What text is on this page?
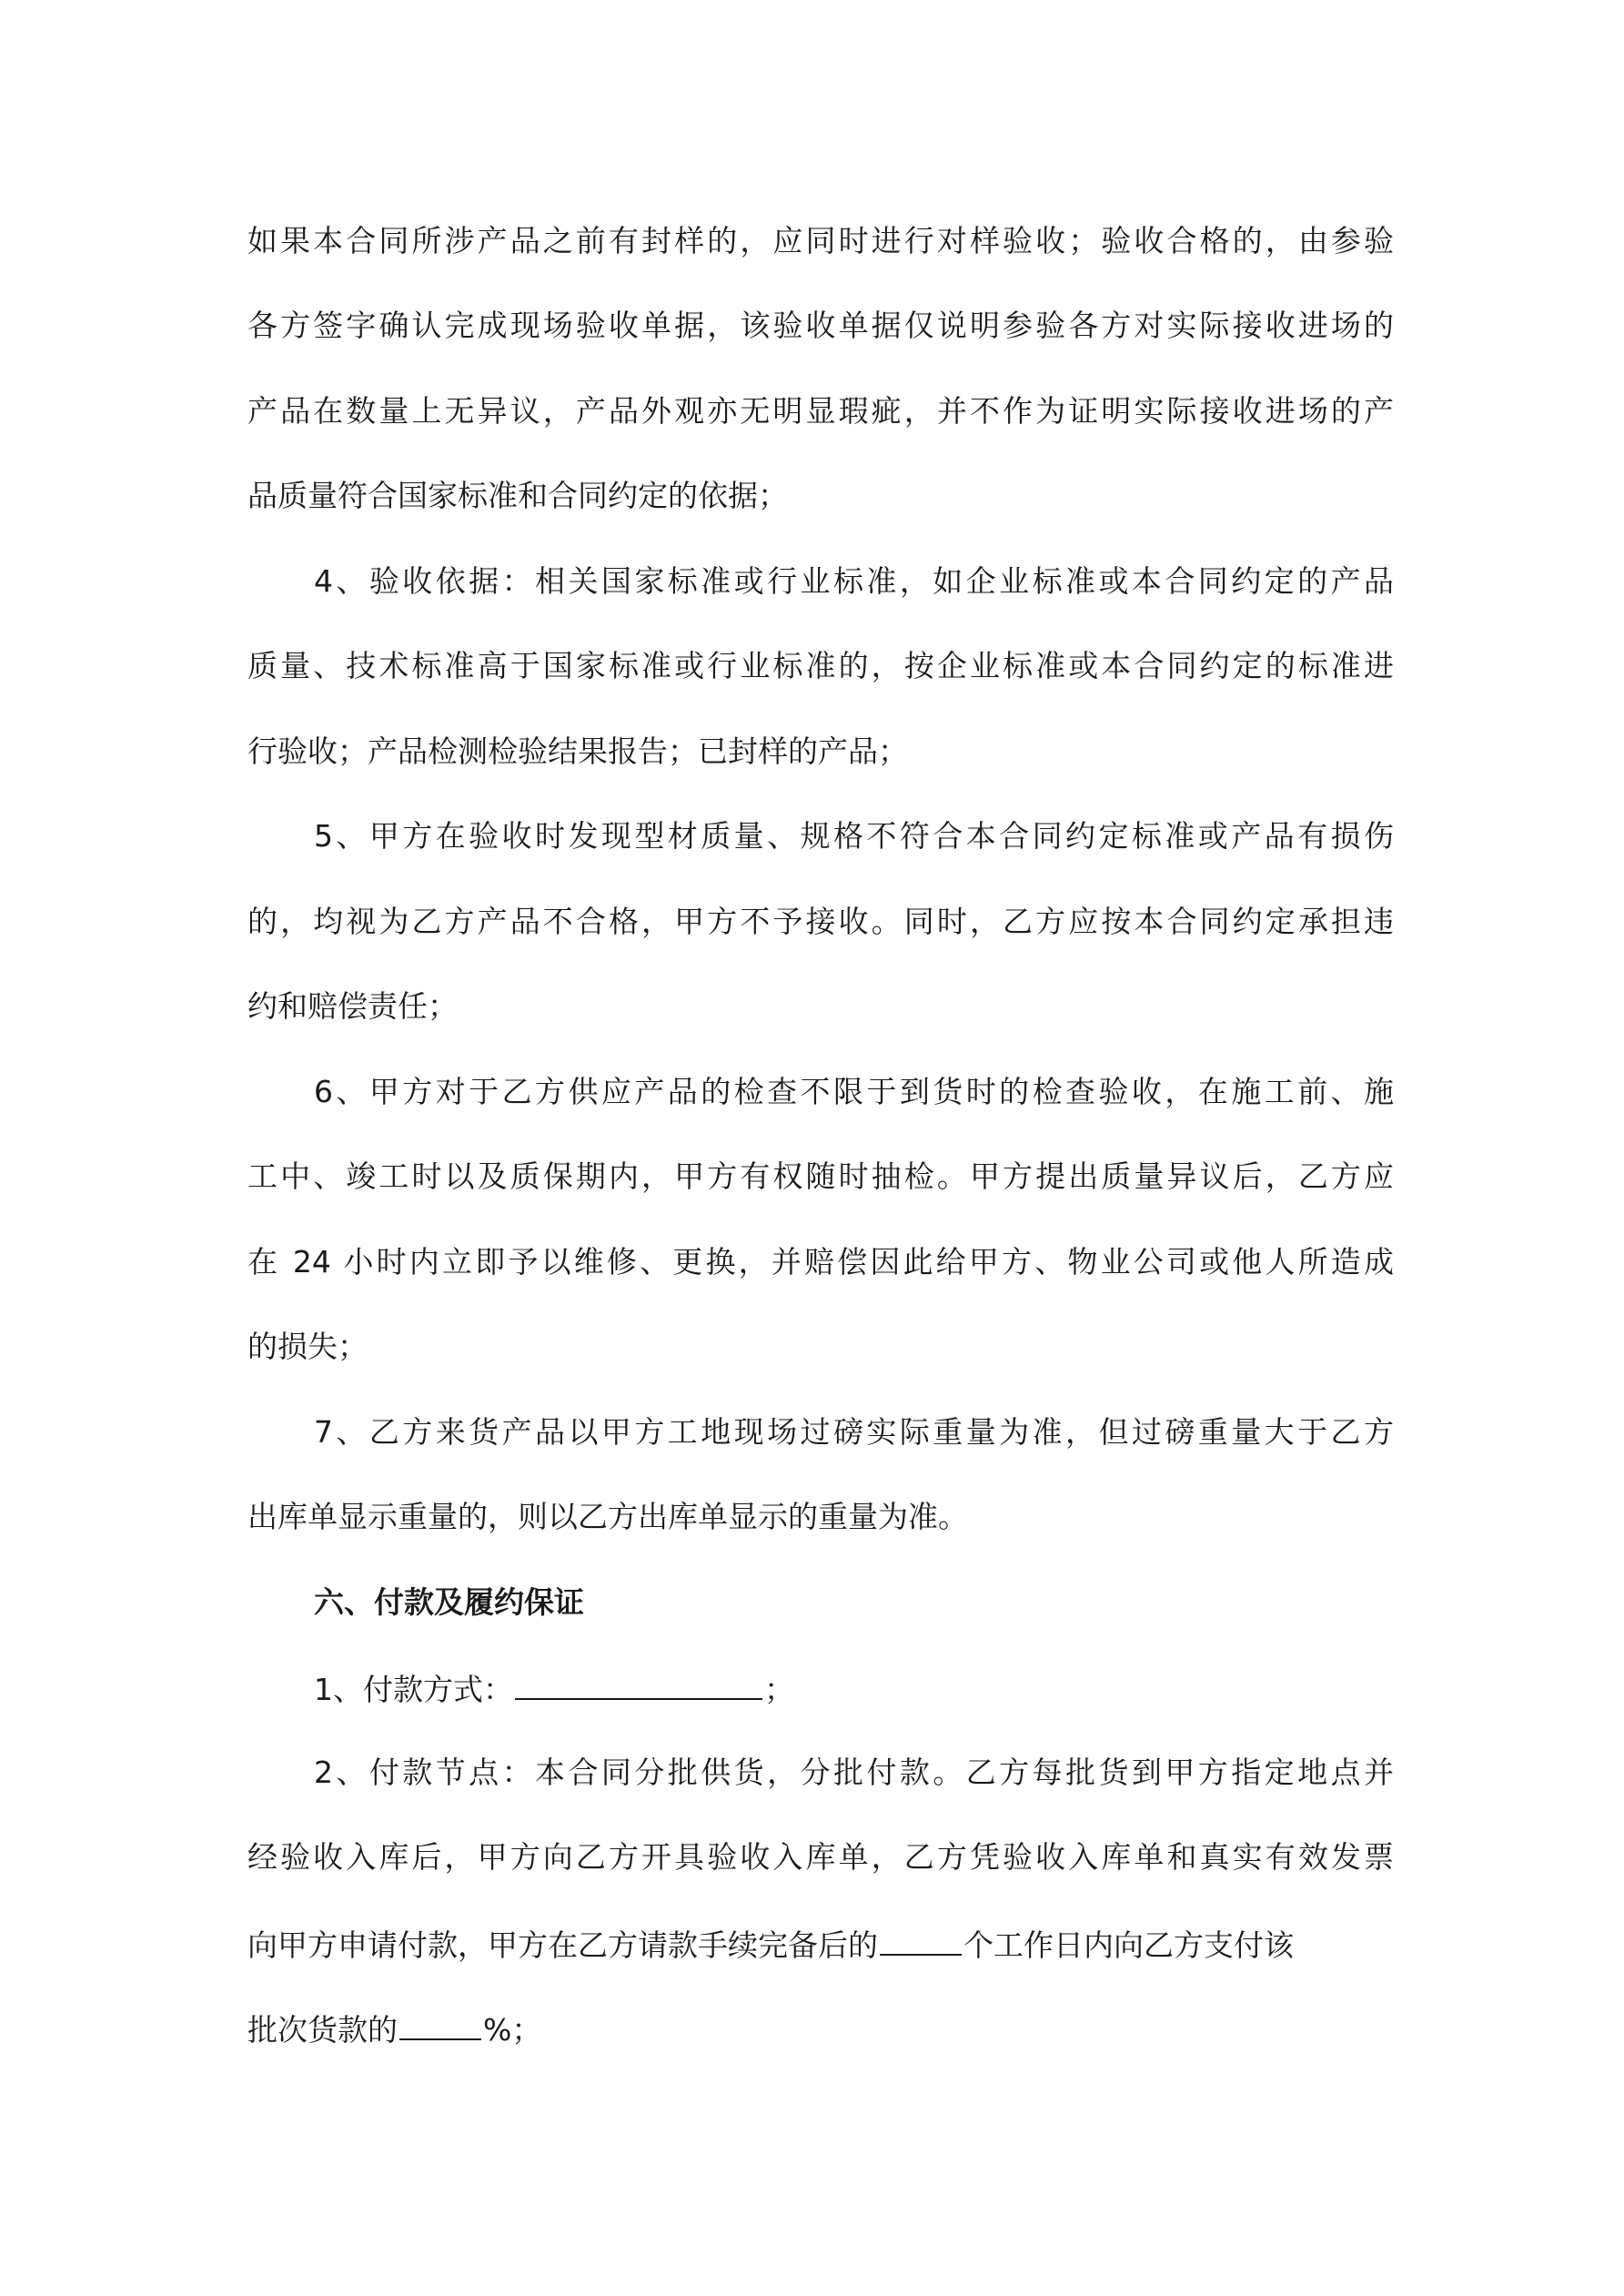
如果本合同所涉产品之前有封样的，应同时进行对样验收；验收合格的，由参验
各方签字确认完成现场验收单据，该验收单据仅说明参验各方对实际接收进场的
产品在数量上无异议，产品外观亦无明显瑕疵，并不作为证明实际接收进场的产
品质量符合国家标准和合同约定的依据；
4、验收依据：相关国家标准或行业标准，如企业标准或本合同约定的产品
质量、技术标准高于国家标准或行业标准的，按企业标准或本合同约定的标准进
行验收；产品检测检验结果报告；已封样的产品；
5、甲方在验收时发现型材质量、规格不符合本合同约定标准或产品有损伤
的，均视为乙方产品不合格，甲方不予接收。同时，乙方应按本合同约定承担违
约和赔偿责任；
6、甲方对于乙方供应产品的检查不限于到货时的检查验收，在施工前、施
工中、竣工时以及质保期内，甲方有权随时抽检。甲方提出质量异议后，乙方应
在 24 小时内立即予以维修、更换，并赔偿因此给甲方、物业公司或他人所造成
的损失；
7、乙方来货产品以甲方工地现场过磅实际重量为准，但过磅重量大于乙方
出库单显示重量的，则以乙方出库单显示的重量为准。
六、付款及履约保证
1、付款方式：	；
2、付款节点：本合同分批供货，分批付款。乙方每批货到甲方指定地点并
经验收入库后，甲方向乙方开具验收入库单，乙方凭验收入库单和真实有效发票
向甲方申请付款，甲方在乙方请款手续完备后的	个工作日内向乙方支付该
批次货款的	%；
